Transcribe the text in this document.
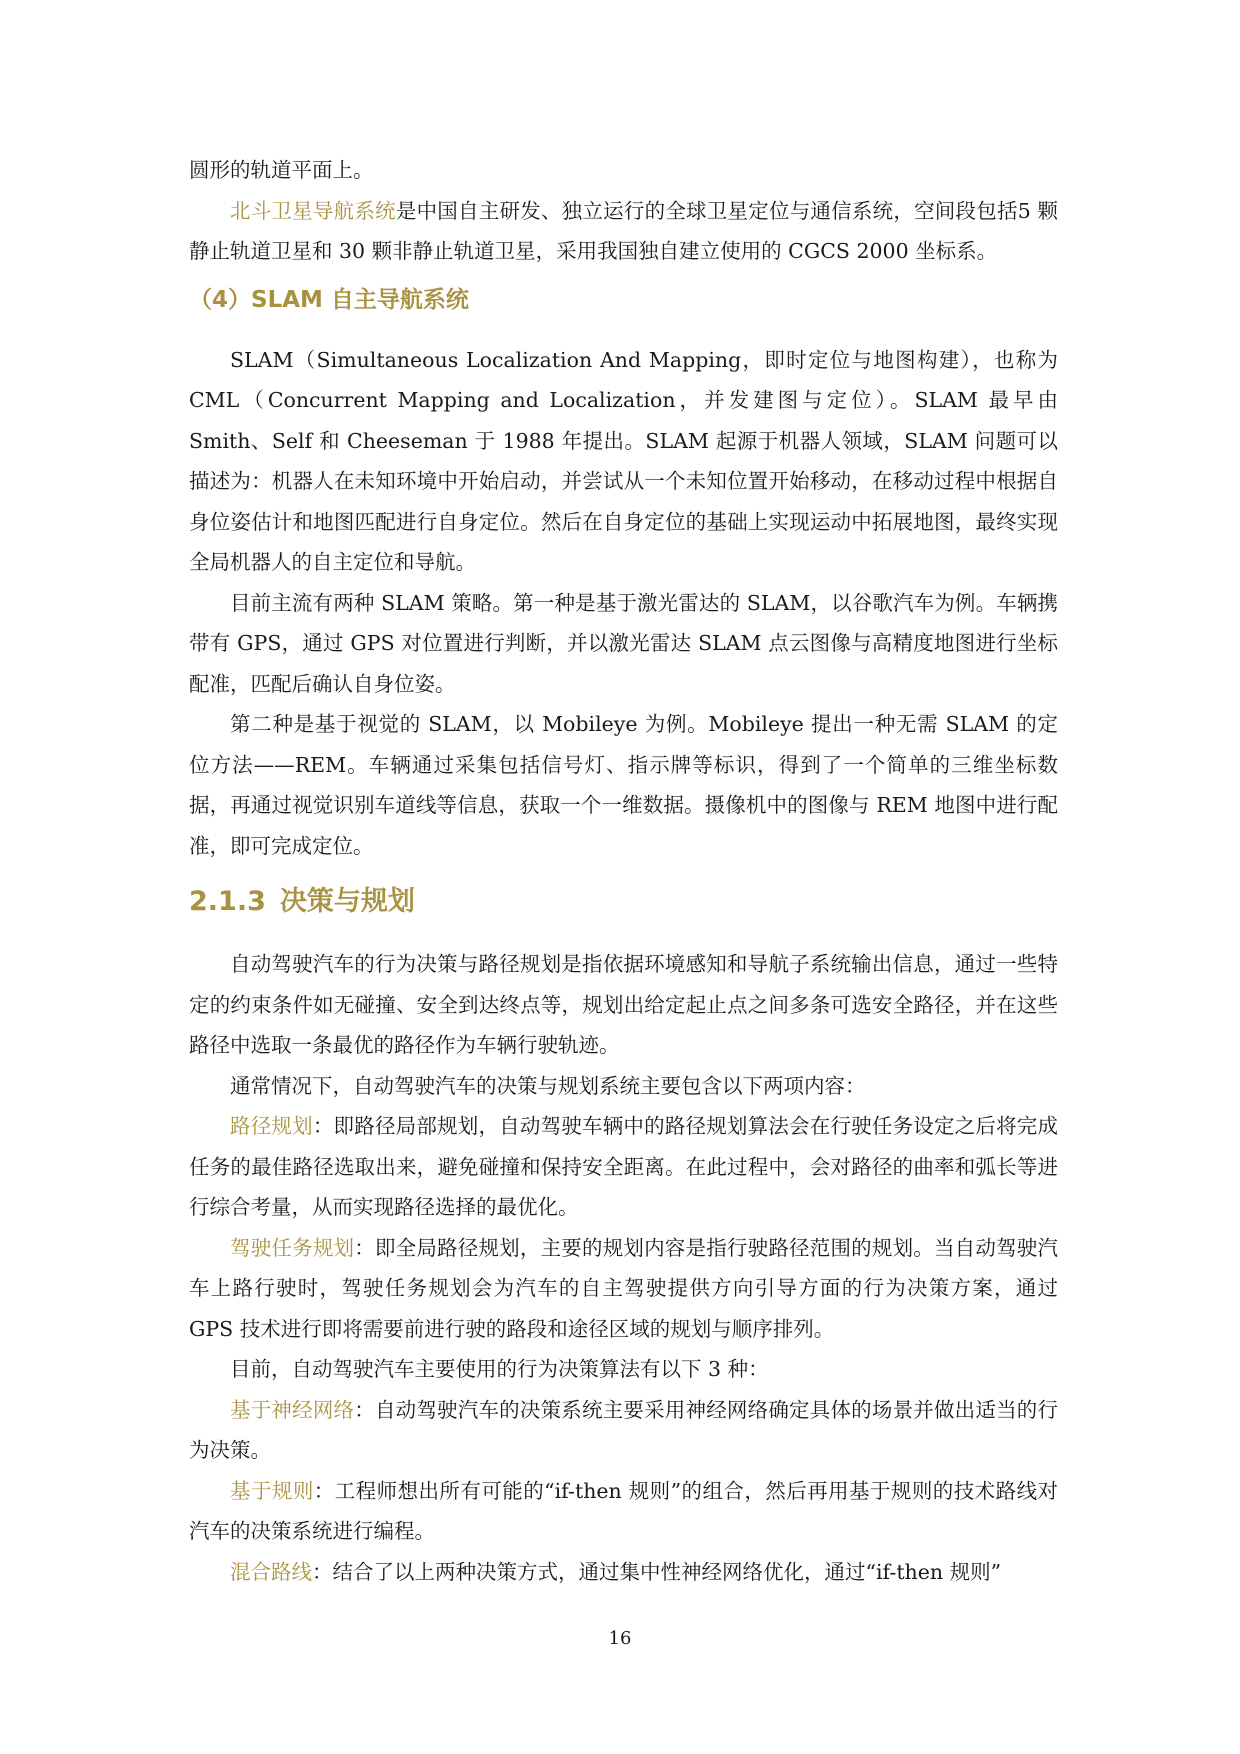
圆形的轨道平面上。

北斗卫星导航系统是中国自主研发、独立运行的全球卫星定位与通信系统，空间段包括5 颗静止轨道卫星和 30 颗非静止轨道卫星，采用我国独自建立使用的 CGCS 2000 坐标系。

（4）SLAM 自主导航系统

SLAM（Simultaneous Localization And Mapping，即时定位与地图构建），也称为 CML（Concurrent Mapping and Localization，并发建图与定位）。SLAM 最早由 Smith、Self 和 Cheeseman 于 1988 年提出。SLAM 起源于机器人领域，SLAM 问题可以描述为：机器人在未知环境中开始启动，并尝试从一个未知位置开始移动，在移动过程中根据自身位姿估计和地图匹配进行自身定位。然后在自身定位的基础上实现运动中拓展地图，最终实现全局机器人的自主定位和导航。

目前主流有两种 SLAM 策略。第一种是基于激光雷达的 SLAM，以谷歌汽车为例。车辆携带有 GPS，通过 GPS 对位置进行判断，并以激光雷达 SLAM 点云图像与高精度地图进行坐标配准，匹配后确认自身位姿。

第二种是基于视觉的 SLAM，以 Mobileye 为例。Mobileye 提出一种无需 SLAM 的定位方法——REM。车辆通过采集包括信号灯、指示牌等标识，得到了一个简单的三维坐标数据，再通过视觉识别车道线等信息，获取一个一维数据。摄像机中的图像与 REM 地图中进行配准，即可完成定位。

2.1.3 决策与规划

自动驾驶汽车的行为决策与路径规划是指依据环境感知和导航子系统输出信息，通过一些特定的约束条件如无碰撞、安全到达终点等，规划出给定起止点之间多条可选安全路径，并在这些路径中选取一条最优的路径作为车辆行驶轨迹。

通常情况下，自动驾驶汽车的决策与规划系统主要包含以下两项内容：

路径规划：即路径局部规划，自动驾驶车辆中的路径规划算法会在行驶任务设定之后将完成任务的最佳路径选取出来，避免碰撞和保持安全距离。在此过程中，会对路径的曲率和弧长等进行综合考量，从而实现路径选择的最优化。

驾驶任务规划：即全局路径规划，主要的规划内容是指行驶路径范围的规划。当自动驾驶汽车上路行驶时，驾驶任务规划会为汽车的自主驾驶提供方向引导方面的行为决策方案，通过 GPS 技术进行即将需要前进行驶的路段和途径区域的规划与顺序排列。

目前，自动驾驶汽车主要使用的行为决策算法有以下 3 种：

基于神经网络：自动驾驶汽车的决策系统主要采用神经网络确定具体的场景并做出适当的行为决策。

基于规则：工程师想出所有可能的“if-then 规则”的组合，然后再用基于规则的技术路线对汽车的决策系统进行编程。

混合路线：结合了以上两种决策方式，通过集中性神经网络优化，通过“if-then 规则”

16
